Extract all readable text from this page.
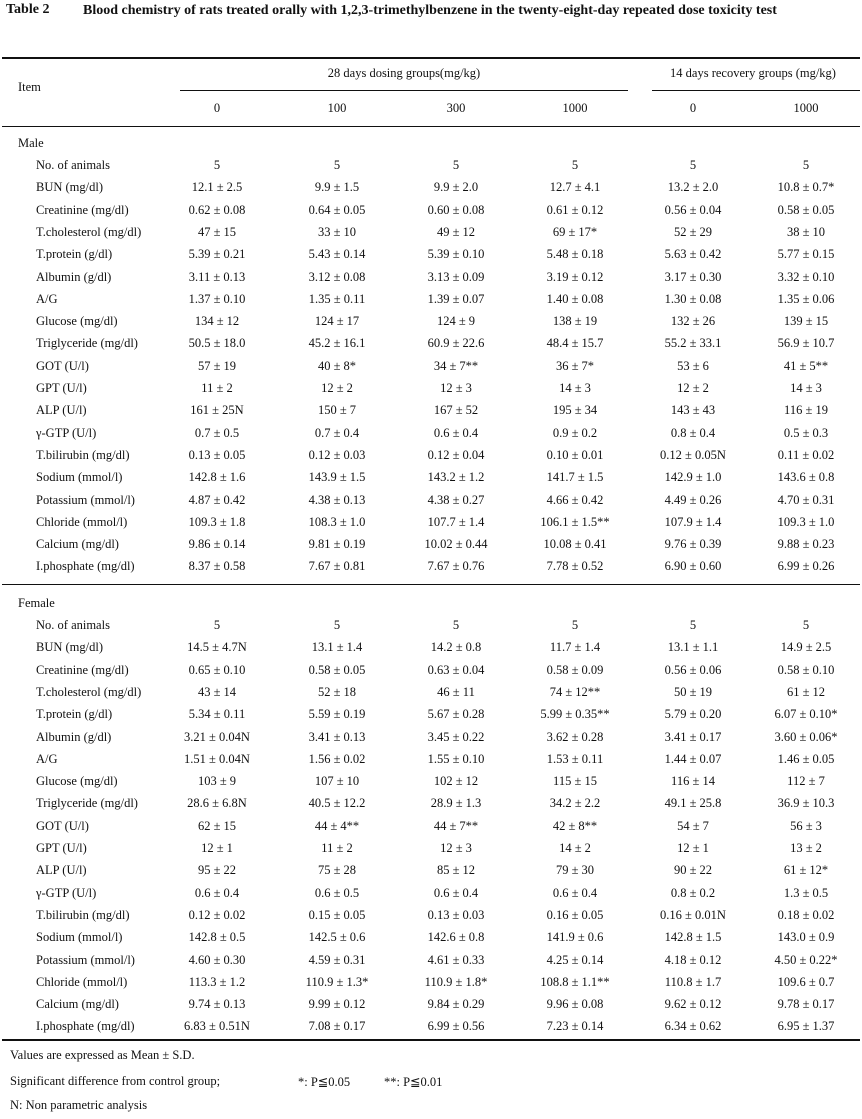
Table 2 Blood chemistry of rats treated orally with 1,2,3-trimethylbenzene in the twenty-eight-day repeated dose toxicity test
Item
28 days dosing groups(mg/kg)	14 days recovery groups (mg/kg)
0	100	300	1000	0	1000
Male
No. of animals	5	5	5	5	5	5
BUN (mg/dl)	12.1 ± 2.5	9.9 ± 1.5	9.9 ± 2.0	12.7 ± 4.1	13.2 ± 2.0	10.8 ± 0.7*
Creatinine (mg/dl)	0.62 ± 0.08	0.64 ± 0.05	0.60 ± 0.08	0.61 ± 0.12	0.56 ± 0.04	0.58 ± 0.05
T.cholesterol (mg/dl)	47 ± 15	33 ± 10	49 ± 12	69 ± 17*	52 ± 29	38 ± 10
T.protein (g/dl)	5.39 ± 0.21	5.43 ± 0.14	5.39 ± 0.10	5.48 ± 0.18	5.63 ± 0.42	5.77 ± 0.15
Albumin (g/dl)	3.11 ± 0.13	3.12 ± 0.08	3.13 ± 0.09	3.19 ± 0.12	3.17 ± 0.30	3.32 ± 0.10
A/G	1.37 ± 0.10	1.35 ± 0.11	1.39 ± 0.07	1.40 ± 0.08	1.30 ± 0.08	1.35 ± 0.06
Glucose (mg/dl)	134 ± 12	124 ± 17	124 ± 9	138 ± 19	132 ± 26	139 ± 15
Triglyceride (mg/dl)	50.5 ± 18.0	45.2 ± 16.1	60.9 ± 22.6	48.4 ± 15.7	55.2 ± 33.1	56.9 ± 10.7
GOT (U/l)	57 ± 19	40 ± 8*	34 ± 7**	36 ± 7*	53 ± 6	41 ± 5**
GPT (U/l)	11 ± 2	12 ± 2	12 ± 3	14 ± 3	12 ± 2	14 ± 3
ALP (U/l)	161 ± 25N	150 ± 7	167 ± 52	195 ± 34	143 ± 43	116 ± 19
γ-GTP (U/l)	0.7 ± 0.5	0.7 ± 0.4	0.6 ± 0.4	0.9 ± 0.2	0.8 ± 0.4	0.5 ± 0.3
T.bilirubin (mg/dl)	0.13 ± 0.05	0.12 ± 0.03	0.12 ± 0.04	0.10 ± 0.01	0.12 ± 0.05N	0.11 ± 0.02
Sodium (mmol/l)	142.8 ± 1.6	143.9 ± 1.5	143.2 ± 1.2	141.7 ± 1.5	142.9 ± 1.0	143.6 ± 0.8
Potassium (mmol/l)	4.87 ± 0.42	4.38 ± 0.13	4.38 ± 0.27	4.66 ± 0.42	4.49 ± 0.26	4.70 ± 0.31
Chloride (mmol/l)	109.3 ± 1.8	108.3 ± 1.0	107.7 ± 1.4	106.1 ± 1.5**	107.9 ± 1.4	109.3 ± 1.0
Calcium (mg/dl)	9.86 ± 0.14	9.81 ± 0.19	10.02 ± 0.44	10.08 ± 0.41	9.76 ± 0.39	9.88 ± 0.23
I.phosphate (mg/dl)	8.37 ± 0.58	7.67 ± 0.81	7.67 ± 0.76	7.78 ± 0.52	6.90 ± 0.60	6.99 ± 0.26
Female
No. of animals	5	5	5	5	5	5
BUN (mg/dl)	14.5 ± 4.7N	13.1 ± 1.4	14.2 ± 0.8	11.7 ± 1.4	13.1 ± 1.1	14.9 ± 2.5
Creatinine (mg/dl)	0.65 ± 0.10	0.58 ± 0.05	0.63 ± 0.04	0.58 ± 0.09	0.56 ± 0.06	0.58 ± 0.10
T.cholesterol (mg/dl)	43 ± 14	52 ± 18	46 ± 11	74 ± 12**	50 ± 19	61 ± 12
T.protein (g/dl)	5.34 ± 0.11	5.59 ± 0.19	5.67 ± 0.28	5.99 ± 0.35**	5.79 ± 0.20	6.07 ± 0.10*
Albumin (g/dl)	3.21 ± 0.04N	3.41 ± 0.13	3.45 ± 0.22	3.62 ± 0.28	3.41 ± 0.17	3.60 ± 0.06*
A/G	1.51 ± 0.04N	1.56 ± 0.02	1.55 ± 0.10	1.53 ± 0.11	1.44 ± 0.07	1.46 ± 0.05
Glucose (mg/dl)	103 ± 9	107 ± 10	102 ± 12	115 ± 15	116 ± 14	112 ± 7
Triglyceride (mg/dl)	28.6 ± 6.8N	40.5 ± 12.2	28.9 ± 1.3	34.2 ± 2.2	49.1 ± 25.8	36.9 ± 10.3
GOT (U/l)	62 ± 15	44 ± 4**	44 ± 7**	42 ± 8**	54 ± 7	56 ± 3
GPT (U/l)	12 ± 1	11 ± 2	12 ± 3	14 ± 2	12 ± 1	13 ± 2
ALP (U/l)	95 ± 22	75 ± 28	85 ± 12	79 ± 30	90 ± 22	61 ± 12*
γ-GTP (U/l)	0.6 ± 0.4	0.6 ± 0.5	0.6 ± 0.4	0.6 ± 0.4	0.8 ± 0.2	1.3 ± 0.5
T.bilirubin (mg/dl)	0.12 ± 0.02	0.15 ± 0.05	0.13 ± 0.03	0.16 ± 0.05	0.16 ± 0.01N	0.18 ± 0.02
Sodium (mmol/l)	142.8 ± 0.5	142.5 ± 0.6	142.6 ± 0.8	141.9 ± 0.6	142.8 ± 1.5	143.0 ± 0.9
Potassium (mmol/l)	4.60 ± 0.30	4.59 ± 0.31	4.61 ± 0.33	4.25 ± 0.14	4.18 ± 0.12	4.50 ± 0.22*
Chloride (mmol/l)	113.3 ± 1.2	110.9 ± 1.3*	110.9 ± 1.8*	108.8 ± 1.1**	110.8 ± 1.7	109.6 ± 0.7
Calcium (mg/dl)	9.74 ± 0.13	9.99 ± 0.12	9.84 ± 0.29	9.96 ± 0.08	9.62 ± 0.12	9.78 ± 0.17
I.phosphate (mg/dl)	6.83 ± 0.51N	7.08 ± 0.17	6.99 ± 0.56	7.23 ± 0.14	6.34 ± 0.62	6.95 ± 1.37
Values are expressed as Mean ± S.D.
Significant difference from control group;	*: P≦0.05	**: P≦0.01
N: Non parametric analysis
